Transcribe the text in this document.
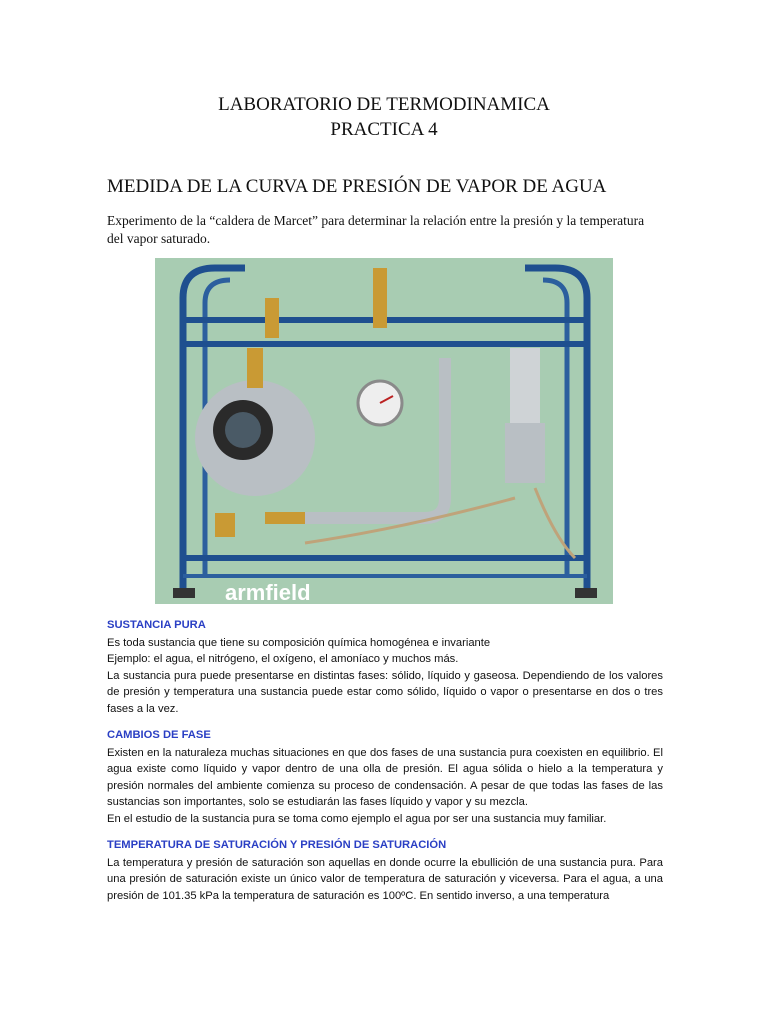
LABORATORIO DE TERMODINAMICA
PRACTICA 4
MEDIDA DE LA CURVA DE PRESIÓN DE VAPOR DE AGUA
Experimento de la “caldera de Marcet” para determinar la relación entre la presión y la temperatura del vapor saturado.
armfield
SUSTANCIA PURA

Es toda sustancia que tiene su composición química homogénea e invariante

Ejemplo: el agua, el nitrógeno, el oxígeno, el amoníaco y muchos más.

La sustancia pura puede presentarse en distintas fases: sólido, líquido y gaseosa. Dependiendo de los valores de presión y temperatura una sustancia puede estar como sólido, líquido o vapor o presentarse en dos o tres fases a la vez.

CAMBIOS DE FASE

Existen en la naturaleza muchas situaciones en que dos fases de una sustancia pura coexisten en equilibrio. El agua existe como líquido y vapor dentro de una olla de presión. El agua sólida o hielo a la temperatura y presión normales del ambiente comienza su proceso de condensación. A pesar de que todas las fases de las sustancias son importantes, solo se estudiarán las fases líquido y vapor y su mezcla.

En el estudio de la sustancia pura se toma como ejemplo el agua por ser una sustancia muy familiar.

TEMPERATURA DE SATURACIÓN Y PRESIÓN DE SATURACIÓN

La temperatura y presión de saturación son aquellas en donde ocurre la ebullición de una sustancia pura. Para una presión de saturación existe un único valor de temperatura de saturación y viceversa. Para el agua, a una presión de 101.35 kPa la temperatura de saturación es 100ºC. En sentido inverso, a una temperatura
